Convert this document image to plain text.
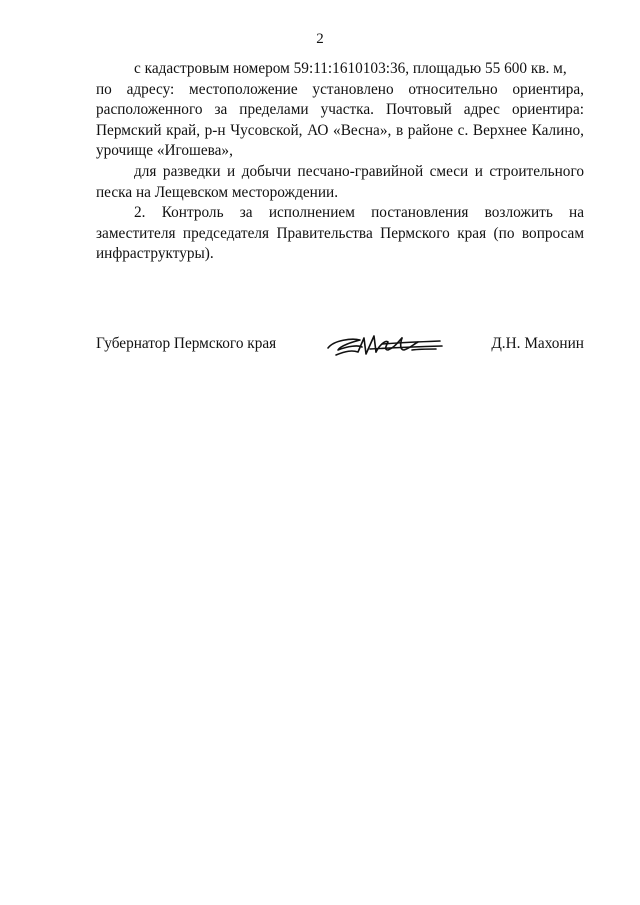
2

с кадастровым номером 59:11:1610103:36, площадью 55 600 кв. м,

по адресу: местоположение установлено относительно ориентира, расположенного за пределами участка. Почтовый адрес ориентира: Пермский край, р-н Чусовской, АО «Весна», в районе с. Верхнее Калино, урочище «Игошева»,

для разведки и добычи песчано-гравийной смеси и строительного песка на Лещевском месторождении.

2. Контроль за исполнением постановления возложить на заместителя председателя Правительства Пермского края (по вопросам инфраструктуры).

Губернатор Пермского края	Д.Н. Махонин
